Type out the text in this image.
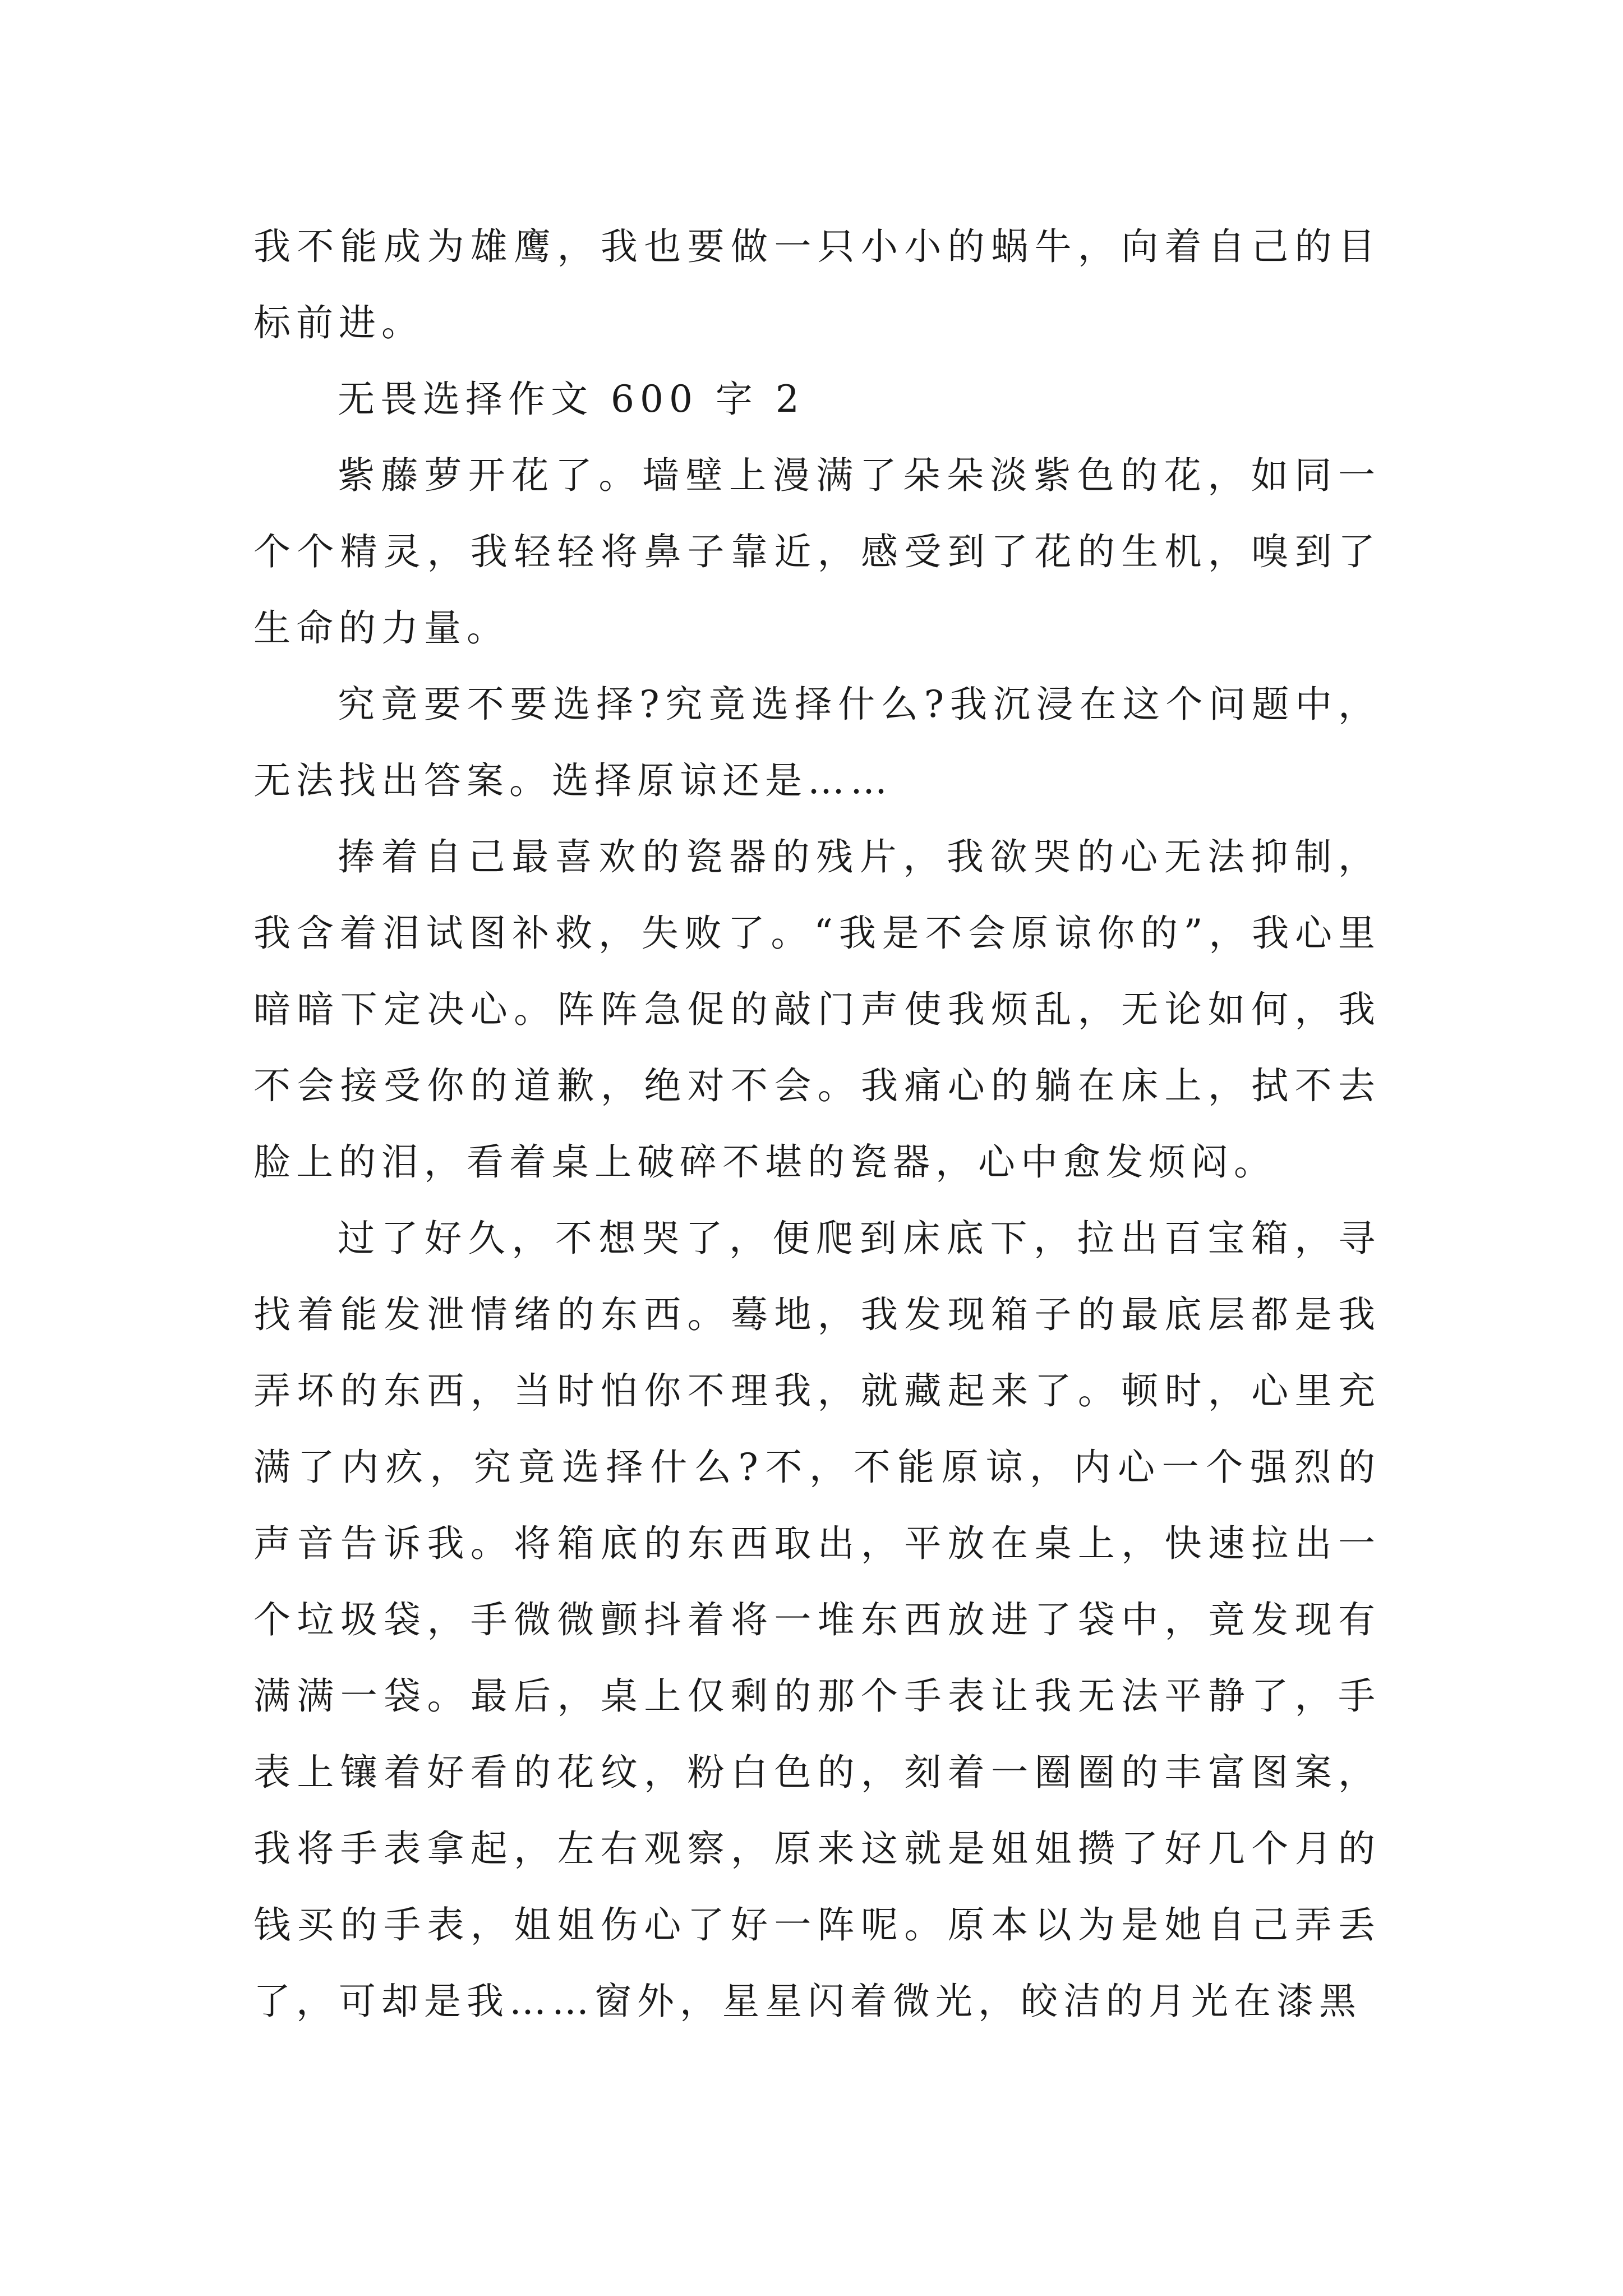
我不能成为雄鹰，我也要做一只小小的蜗牛，向着自己的目标前进。

无畏选择作文 600 字 2

紫藤萝开花了。墙壁上漫满了朵朵淡紫色的花，如同一个个精灵，我轻轻将鼻子靠近，感受到了花的生机，嗅到了生命的力量。

究竟要不要选择?究竟选择什么?我沉浸在这个问题中，无法找出答案。选择原谅还是……

捧着自己最喜欢的瓷器的残片，我欲哭的心无法抑制，我含着泪试图补救，失败了。“我是不会原谅你的”，我心里暗暗下定决心。阵阵急促的敲门声使我烦乱，无论如何，我不会接受你的道歉，绝对不会。我痛心的躺在床上，拭不去脸上的泪，看着桌上破碎不堪的瓷器，心中愈发烦闷。

过了好久，不想哭了，便爬到床底下，拉出百宝箱，寻找着能发泄情绪的东西。蓦地，我发现箱子的最底层都是我弄坏的东西，当时怕你不理我，就藏起来了。顿时，心里充满了内疚，究竟选择什么?不，不能原谅，内心一个强烈的声音告诉我。将箱底的东西取出，平放在桌上，快速拉出一个垃圾袋，手微微颤抖着将一堆东西放进了袋中，竟发现有满满一袋。最后，桌上仅剩的那个手表让我无法平静了，手表上镶着好看的花纹，粉白色的，刻着一圈圈的丰富图案，我将手表拿起，左右观察，原来这就是姐姐攒了好几个月的钱买的手表，姐姐伤心了好一阵呢。原本以为是她自己弄丢了，可却是我……窗外，星星闪着微光，皎洁的月光在漆黑
